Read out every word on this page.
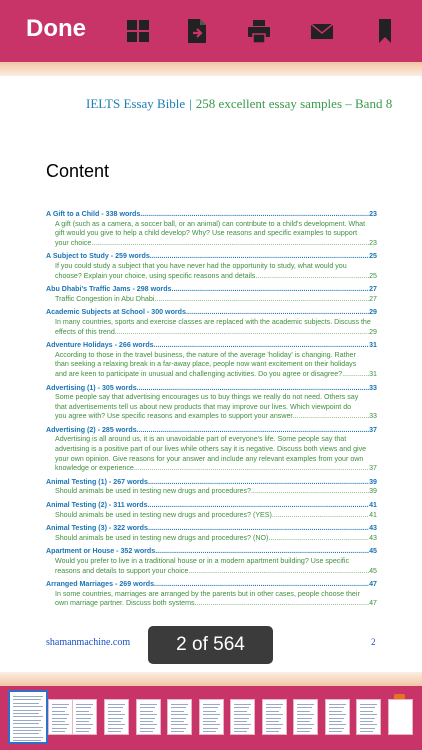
Done
IELTS Essay Bible | 258 excellent essay samples – Band 8
Content
A Gift to a Child - 338 words .....	23
A gift (such as a camera, a soccer ball, or an animal) can contribute to a child's development. What
gift would you give to help a child develop? Why? Use reasons and specific examples to support
your choice. .....	23
A Subject to Study - 259 words .....	25
If you could study a subject that you have never had the opportunity to study, what would you
choose? Explain your choice, using specific reasons and details. .....	25
Abu Dhabi's Traffic Jams - 298 words .....	27
Traffic Congestion in Abu Dhabi. .....	27
Academic Subjects at School - 300 words .....	29
In many countries, sports and exercise classes are replaced with the academic subjects. Discuss the
effects of this trend. .....	29
Adventure Holidays - 266 words .....	31
According to those in the travel business, the nature of the average 'holiday' is changing. Rather
than seeking a relaxing break in a far-away place, people now want excitement on their holidays
and are keen to participate in unusual and challenging activities. Do you agree or disagree? .....	31
Advertising (1) - 305 words .....	33
Some people say that advertising encourages us to buy things we really do not need. Others say
that advertisements tell us about new products that may improve our lives. Which viewpoint do
you agree with? Use specific reasons and examples to support your answer. .....	33
Advertising (2) - 285 words .....	37
Advertising is all around us, it is an unavoidable part of everyone's life. Some people say that
advertising is a positive part of our lives while others say it is negative. Discuss both views and give
your own opinion. Give reasons for your answer and include any relevant examples from your own
knowledge or experience. .....	37
Animal Testing (1) - 267 words .....	39
Should animals be used in testing new drugs and procedures? .....	39
Animal Testing (2) - 311 words .....	41
Should animals be used in testing new drugs and procedures? (YES) .....	41
Animal Testing (3) - 322 words .....	43
Should animals be used in testing new drugs and procedures? (NO) .....	43
Apartment or House - 352 words .....	45
Would you prefer to live in a traditional house or in a modern apartment building? Use specific
reasons and details to support your choice. .....	45
Arranged Marriages - 269 words .....	47
In some countries, marriages are arranged by the parents but in other cases, people choose their
own marriage partner. Discuss both systems. .....	47
shamanmachine.com	2
2 of 564
